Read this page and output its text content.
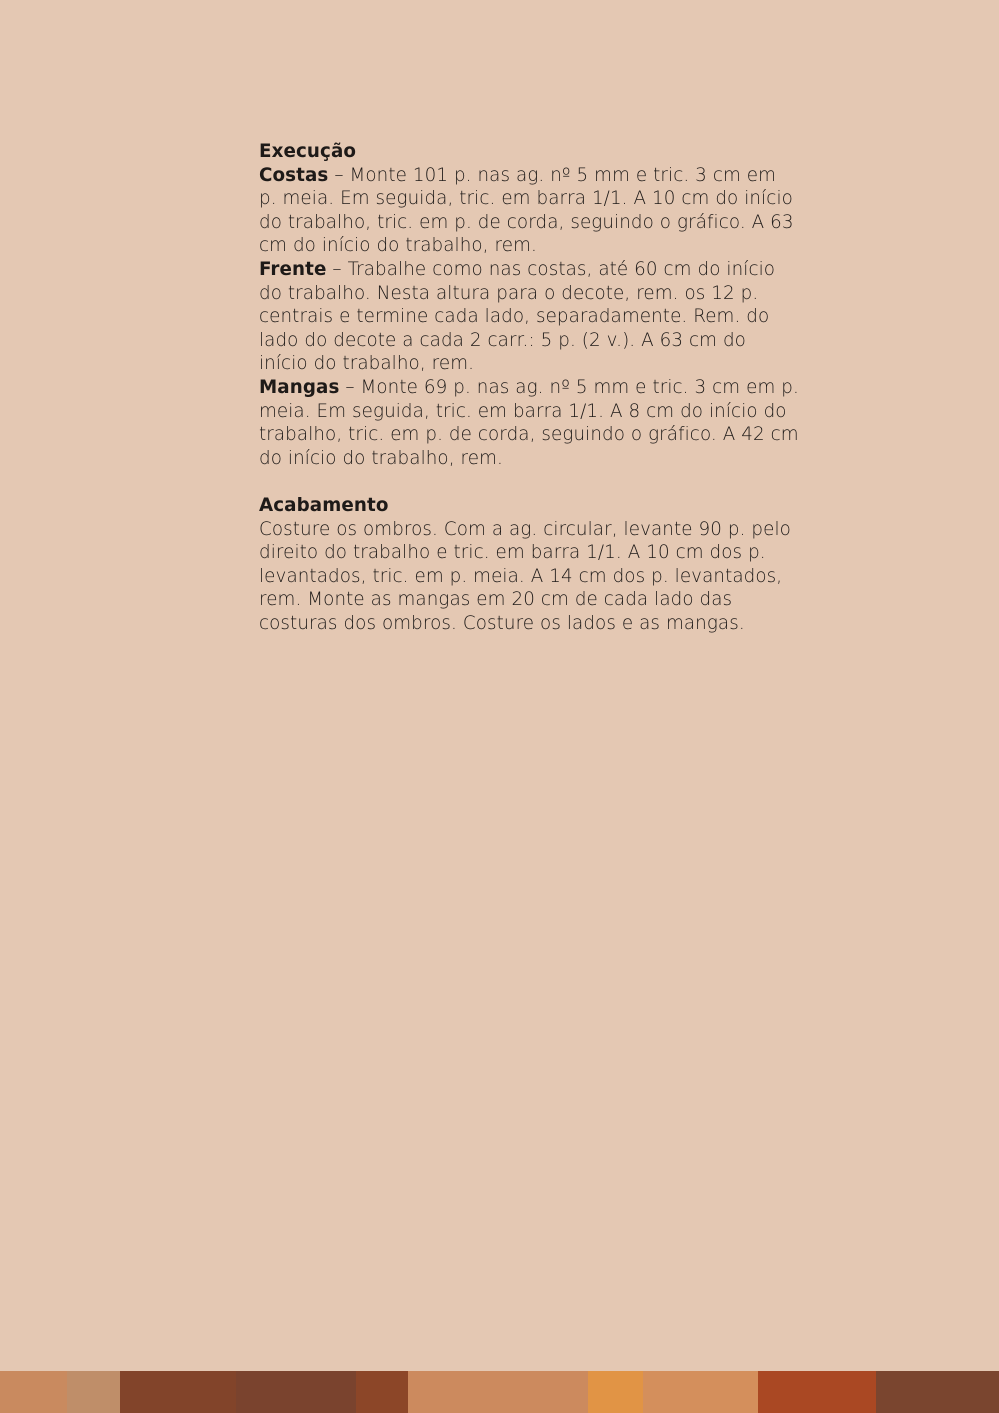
Execução

Costas – Monte 101 p. nas ag. nº 5 mm e tric. 3 cm em p. meia. Em seguida, tric. em barra 1/1. A 10 cm do início do trabalho, tric. em p. de corda, seguindo o gráfico. A 63 cm do início do trabalho, rem.

Frente – Trabalhe como nas costas, até 60 cm do início do trabalho. Nesta altura para o decote, rem. os 12 p. centrais e termine cada lado, separadamente. Rem. do lado do decote a cada 2 carr.: 5 p. (2 v.). A 63 cm do início do trabalho, rem.

Mangas – Monte 69 p. nas ag. nº 5 mm e tric. 3 cm em p. meia. Em seguida, tric. em barra 1/1. A 8 cm do início do trabalho, tric. em p. de corda, seguindo o gráfico. A 42 cm do início do trabalho, rem.

Acabamento

Costure os ombros. Com a ag. circular, levante 90 p. pelo direito do trabalho e tric. em barra 1/1. A 10 cm dos p. levantados, tric. em p. meia. A 14 cm dos p. levantados, rem. Monte as mangas em 20 cm de cada lado das costuras dos ombros. Costure os lados e as mangas.
